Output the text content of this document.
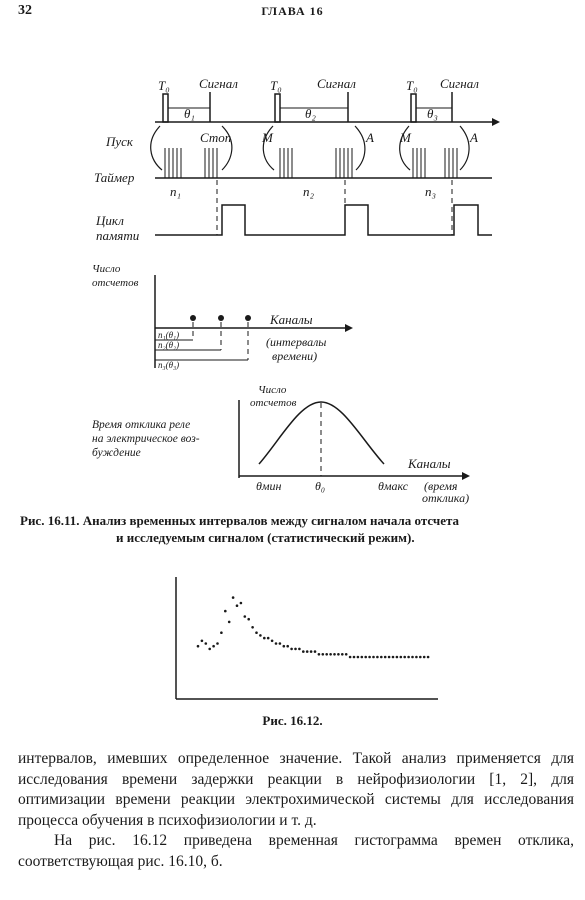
32	ГЛАВА 16
T₀	T₀	T₀
Сигнал	Сигнал	Сигнал
θ₁	θ₂	θ₃
Пуск	Стоп М	А М	А
Таймер
n₁	n₂	n₃
Цикл
памяти
Число
отсчетов
Каналы
(интервалы
времени)
n₁(θ₁)
n₂(θ₂)
n₃(θ₃)
Число
отсчетов
Время отклика реле
на электрическое воз-
буждение
Каналы
θмин	θ₀	θмакс (время
отклика)
Рис. 16.11. Анализ временных интервалов между сигналом начала отсчета
и исследуемым сигналом (статистический режим).
Рис. 16.12.

интервалов, имевших определенное значение. Такой анализ применяется для исследования времени задержки реакции в нейрофизиологии [1, 2], для оптимизации времени реакции электрохимической системы для исследования процесса обучения в психофизиологии и т. д.

На рис. 16.12 приведена временная гистограмма времен отклика, соответствующая рис. 16.10, б.
